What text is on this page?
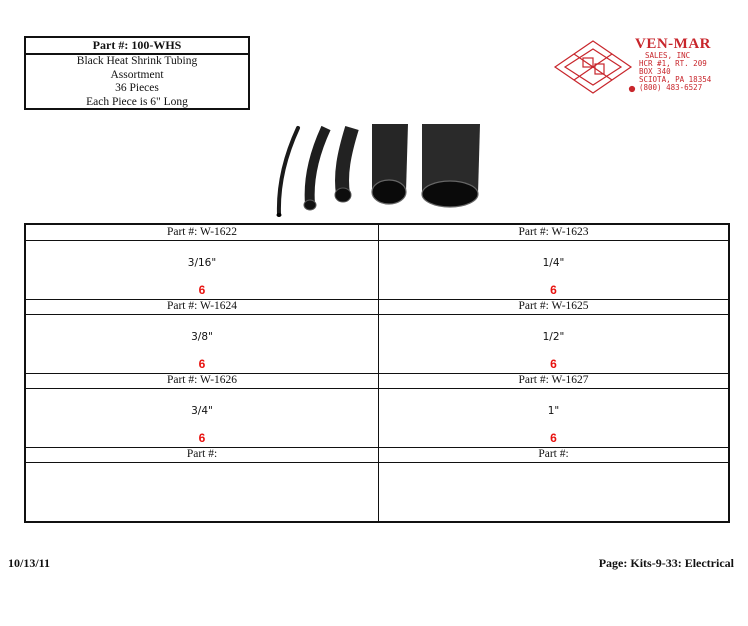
Part #: 100-WHS
Black Heat Shrink Tubing
Assortment
36 Pieces
Each Piece is 6" Long
VEN-MAR
SALES, INC
HCR #1, RT. 209
BOX 340
SCIOTA, PA 18354
(800) 483-6527
Part #: W-1622
3/16"
6
Part #: W-1623
1/4"
6
Part #: W-1624
3/8"
6
Part #: W-1625
1/2"
6
Part #: W-1626
3/4"
6
Part #: W-1627
1"
6
Part #:	Part #:
10/13/11	Page: Kits-9-33: Electrical
